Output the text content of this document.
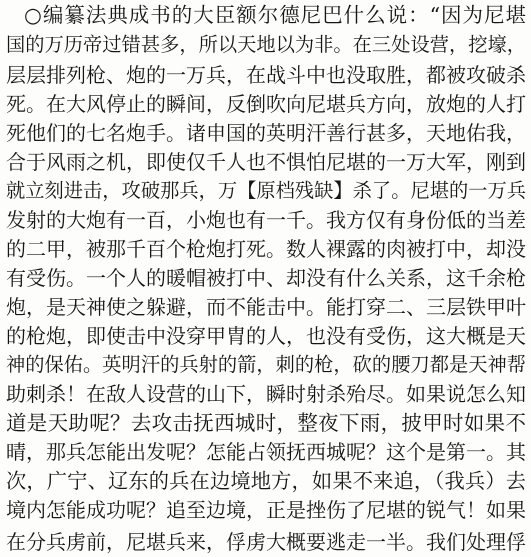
○编纂法典成书的大臣额尔德尼巴什么说：“因为尼堪
国的万历帝过错甚多，所以天地以为非。在三处设营，挖壕，
层层排列枪、炮的一万兵，在战斗中也没取胜，都被攻破杀
死。在大风停止的瞬间，反倒吹向尼堪兵方向，放炮的人打
死他们的七名炮手。诸申国的英明汗善行甚多，天地佑我，
合于风雨之机，即使仅千人也不惧怕尼堪的一万大军，刚到
就立刻进击，攻破那兵，万【原档残缺】杀了。尼堪的一万兵
发射的大炮有一百，小炮也有一千。我方仅有身份低的当差
的二甲，被那千百个枪炮打死。数人裸露的肉被打中，却没
有受伤。一个人的暖帽被打中、却没有什么关系，这千余枪
炮，是天神使之躲避，而不能击中。能打穿二、三层铁甲叶
的枪炮，即使击中没穿甲胄的人，也没有受伤，这大概是天
神的保佑。英明汗的兵射的箭，刺的枪，砍的腰刀都是天神帮
助刺杀！在敌人设营的山下，瞬时射杀殆尽。如果说怎么知
道是天助呢？去攻击抚西城时，整夜下雨，披甲时如果不
晴，那兵怎能出发呢？怎能占领抚西城呢？这个是第一。其
次，广宁、辽东的兵在边境地方，如果不来追，（我兵）去
境内怎能成功呢？追至边境，正是挫伤了尼堪的锐气！如果
在分兵虏前，尼堪兵来，俘虏大概要逃走一半。我们处理俘
